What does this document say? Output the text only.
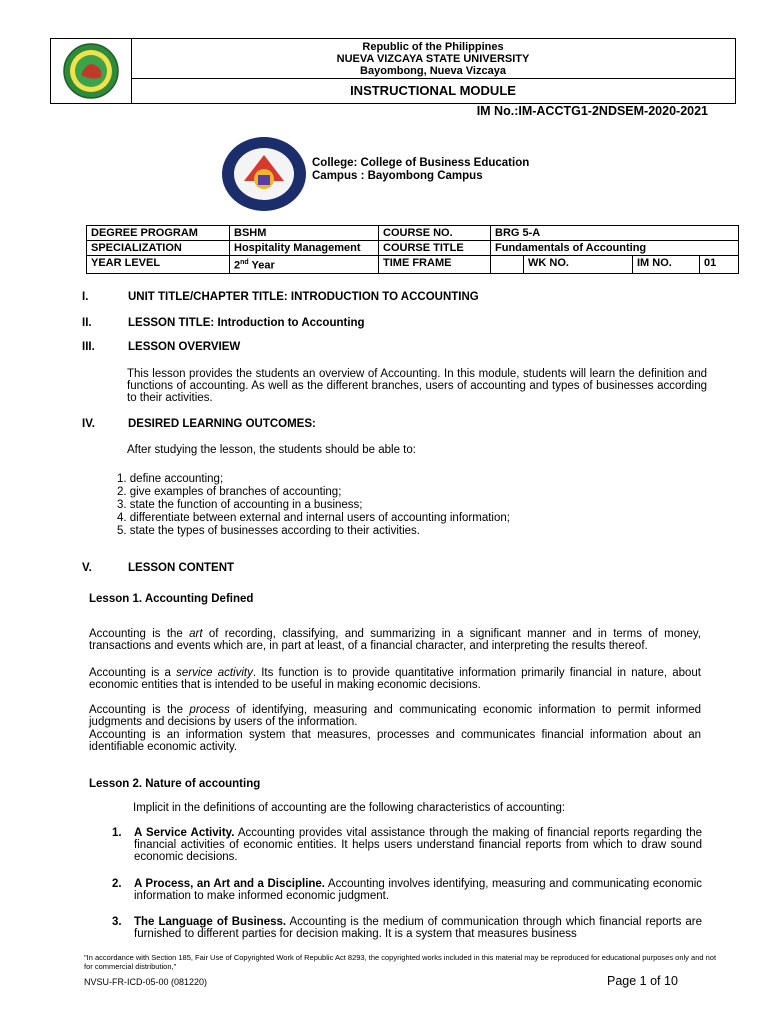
Republic of the Philippines
NUEVA VIZCAYA STATE UNIVERSITY
Bayombong, Nueva Vizcaya
INSTRUCTIONAL MODULE
IM No.:IM-ACCTG1-2NDSEM-2020-2021
College: College of Business Education
Campus : Bayombong Campus
DEGREE PROGRAM	BSHM	COURSE NO.	BRG 5-A			
SPECIALIZATION	Hospitality Management	COURSE TITLE	Fundamentals of Accounting			
YEAR LEVEL	2nd Year	TIME FRAME		WK NO.	IM NO.	01
I.	UNIT TITLE/CHAPTER TITLE: INTRODUCTION TO ACCOUNTING
II.	LESSON TITLE: Introduction to Accounting
III.	LESSON OVERVIEW
This lesson provides the students an overview of Accounting. In this module, students will learn the definition and functions of accounting. As well as the different branches, users of accounting and types of businesses according to their activities.
IV.	DESIRED LEARNING OUTCOMES:
After studying the lesson, the students should be able to:
1. define accounting;
2. give examples of branches of accounting;
3. state the function of accounting in a business;
4. differentiate between external and internal users of accounting information;
5. state the types of businesses according to their activities.
V.	LESSON CONTENT
Lesson 1. Accounting Defined
Accounting is the art of recording, classifying, and summarizing in a significant manner and in terms of money, transactions and events which are, in part at least, of a financial character, and interpreting the results thereof.
Accounting is a service activity. Its function is to provide quantitative information primarily financial in nature, about economic entities that is intended to be useful in making economic decisions.
Accounting is the process of identifying, measuring and communicating economic information to permit informed judgments and decisions by users of the information.
Accounting is an information system that measures, processes and communicates financial information about an identifiable economic activity.
Lesson 2. Nature of accounting
Implicit in the definitions of accounting are the following characteristics of accounting:
1. A Service Activity. Accounting provides vital assistance through the making of financial reports regarding the financial activities of economic entities. It helps users understand financial reports from which to draw sound economic decisions.
2. A Process, an Art and a Discipline. Accounting involves identifying, measuring and communicating economic information to make informed economic judgment.
3. The Language of Business. Accounting is the medium of communication through which financial reports are furnished to different parties for decision making. It is a system that measures business
"In accordance with Section 185, Fair Use of Copyrighted Work of Republic Act 8293, the copyrighted works included in this material may be reproduced for educational purposes only and not for commercial distribution,"
NVSU-FR-ICD-05-00 (081220)	Page 1 of 10
